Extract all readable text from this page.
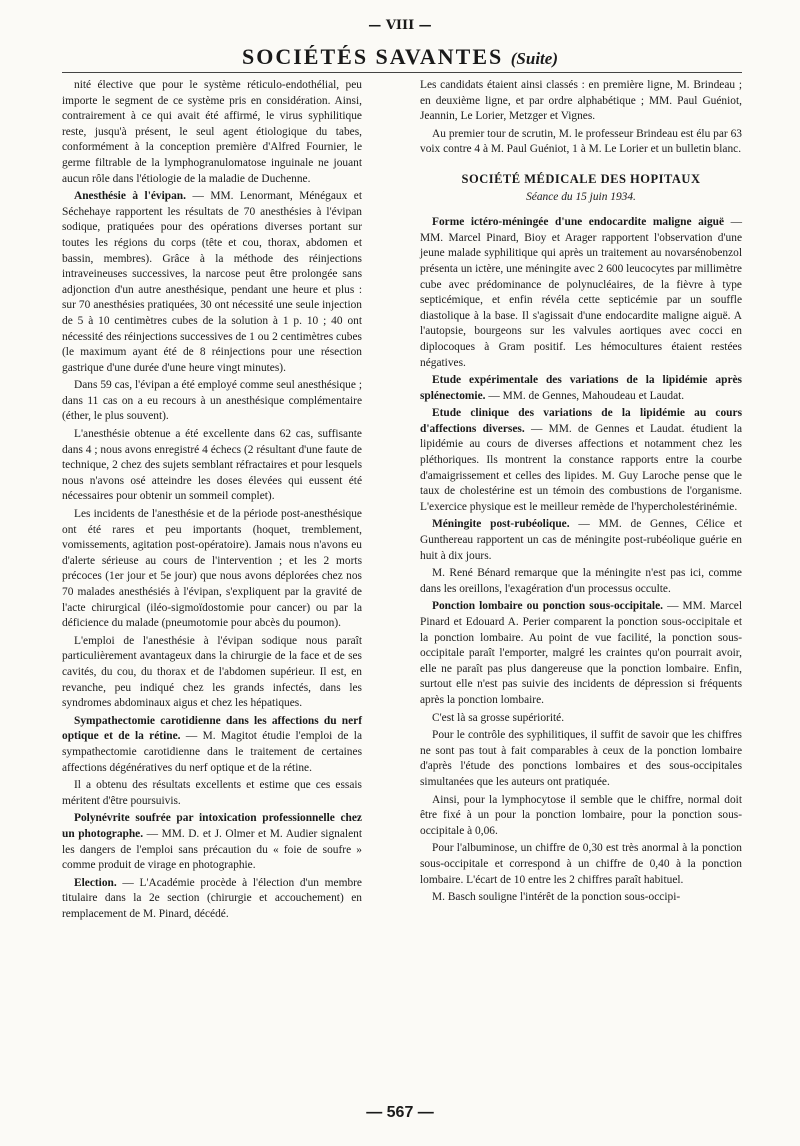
— VIII —
SOCIÉTÉS SAVANTES (Suite)

nité élective que pour le système réticulo-endothélial, peu importe le segment de ce système pris en considération. Ainsi, contrairement à ce qui avait été affirmé, le virus syphilitique reste, jusqu'à présent, le seul agent étiologique du tabes, conformément à la conception première d'Alfred Fournier, le germe filtrable de la lymphogranulomatose inguinale ne jouant aucun rôle dans l'étiologie de la maladie de Duchenne.

Anesthésie à l'évipan. — MM. Lenormant, Ménégaux et Séchehaye rapportent les résultats de 70 anesthésies à l'évipan sodique, pratiquées pour des opérations diverses portant sur toutes les régions du corps (tête et cou, thorax, abdomen et bassin, membres). Grâce à la méthode des réinjections intraveineuses successives, la narcose peut être prolongée sans adjonction d'un autre anesthésique, pendant une heure et plus : sur 70 anesthésies pratiquées, 30 ont nécessité une seule injection de 5 à 10 centimètres cubes de la solution à 1 p. 10 ; 40 ont nécessité des réinjections successives de 1 ou 2 centimètres cubes (le maximum ayant été de 8 réinjections pour une résection gastrique d'une durée d'une heure vingt minutes).

Dans 59 cas, l'évipan a été employé comme seul anesthésique ; dans 11 cas on a eu recours à un anesthésique complémentaire (éther, le plus souvent).

L'anesthésie obtenue a été excellente dans 62 cas, suffisante dans 4 ; nous avons enregistré 4 échecs (2 résultant d'une faute de technique, 2 chez des sujets semblant réfractaires et pour lesquels nous n'avons osé atteindre les doses élevées qui eussent été nécessaires pour obtenir un sommeil complet).

Les incidents de l'anesthésie et de la période post-anesthésique ont été rares et peu importants (hoquet, tremblement, vomissements, agitation post-opératoire). Jamais nous n'avons eu d'alerte sérieuse au cours de l'intervention ; et les 2 morts précoces (1er jour et 5e jour) que nous avons déplorées chez nos 70 malades anesthésiés à l'évipan, s'expliquent par la gravité de l'acte chirurgical (iléo-sigmoïdostomie pour cancer) ou par la déficience du malade (pneumotomie pour abcès du poumon).

L'emploi de l'anesthésie à l'évipan sodique nous paraît particulièrement avantageux dans la chirurgie de la face et de ses cavités, du cou, du thorax et de l'abdomen supérieur. Il est, en revanche, peu indiqué chez les grands infectés, dans les syndromes abdominaux aigus et chez les hépatiques.

Sympathectomie carotidienne dans les affections du nerf optique et de la rétine. — M. Magitot étudie l'emploi de la sympathectomie carotidienne dans le traitement de certaines affections dégénératives du nerf optique et de la rétine.

Il a obtenu des résultats excellents et estime que ces essais méritent d'être poursuivis.

Polynévrite soufrée par intoxication professionnelle chez un photographe. — MM. D. et J. Olmer et M. Audier signalent les dangers de l'emploi sans précaution du « foie de soufre » comme produit de virage en photographie.

Election. — L'Académie procède à l'élection d'un membre titulaire dans la 2e section (chirurgie et accouchement) en remplacement de M. Pinard, décédé.

Les candidats étaient ainsi classés : en première ligne, M. Brindeau ; en deuxième ligne, et par ordre alphabétique ; MM. Paul Guéniot, Jeannin, Le Lorier, Metzger et Vignes.

Au premier tour de scrutin, M. le professeur Brindeau est élu par 63 voix contre 4 à M. Paul Guéniot, 1 à M. Le Lorier et un bulletin blanc.

SOCIÉTÉ MÉDICALE DES HOPITAUX
Séance du 15 juin 1934.

Forme ictéro-méningée d'une endocardite maligne aiguë — MM. Marcel Pinard, Bioy et Arager rapportent l'observation d'une jeune malade syphilitique qui après un traitement au novarsénobenzol présenta un ictère, une méningite avec 2 600 leucocytes par millimètre cube avec prédominance de polynucléaires, de la fièvre à type septicémique, et enfin révéla cette septicémie par un souffle diastolique à la base. Il s'agissait d'une endocardite maligne aiguë. A l'autopsie, bourgeons sur les valvules aortiques avec cocci en diplocoques à Gram positif. Les hémocultures étaient restées négatives.

Etude expérimentale des variations de la lipidémie après splénectomie. — MM. de Gennes, Mahoudeau et Laudat.

Etude clinique des variations de la lipidémie au cours d'affections diverses. — MM. de Gennes et Laudat. étudient la lipidémie au cours de diverses affections et notamment chez les pléthoriques. Ils montrent la constance rapports entre la courbe d'amaigrissement et celles des lipides. M. Guy Laroche pense que le taux de cholestérine est un témoin des combustions de l'organisme. L'exercice physique est le meilleur remède de l'hypercholestérinémie.

Méningite post-rubéolique. — MM. de Gennes, Célice et Gunthereau rapportent un cas de méningite post-rubéolique guérie en huit à dix jours.

M. René Bénard remarque que la méningite n'est pas ici, comme dans les oreillons, l'exagération d'un processus occulte.

Ponction lombaire ou ponction sous-occipitale. — MM. Marcel Pinard et Edouard A. Perier comparent la ponction sous-occipitale et la ponction lombaire. Au point de vue facilité, la ponction sous-occipitale paraît l'emporter, malgré les craintes qu'on pourrait avoir, elle ne paraît pas plus dangereuse que la ponction lombaire. Enfin, surtout elle n'est pas suivie des incidents de dépression si fréquents après la ponction lombaire.

C'est là sa grosse supériorité.

Pour le contrôle des syphilitiques, il suffit de savoir que les chiffres ne sont pas tout à fait comparables à ceux de la ponction lombaire d'après l'étude des ponctions lombaires et des sous-occipitales simultanées que les auteurs ont pratiquée.

Ainsi, pour la lymphocytose il semble que le chiffre, normal doit être fixé à un pour la ponction lombaire, pour la ponction sous-occipitale à 0,06.

Pour l'albuminose, un chiffre de 0,30 est très anormal à la ponction sous-occipitale et correspond à un chiffre de 0,40 à la ponction lombaire. L'écart de 10 entre les 2 chiffres paraît habituel.

M. Basch souligne l'intérêt de la ponction sous-occipi-

— 567 —
